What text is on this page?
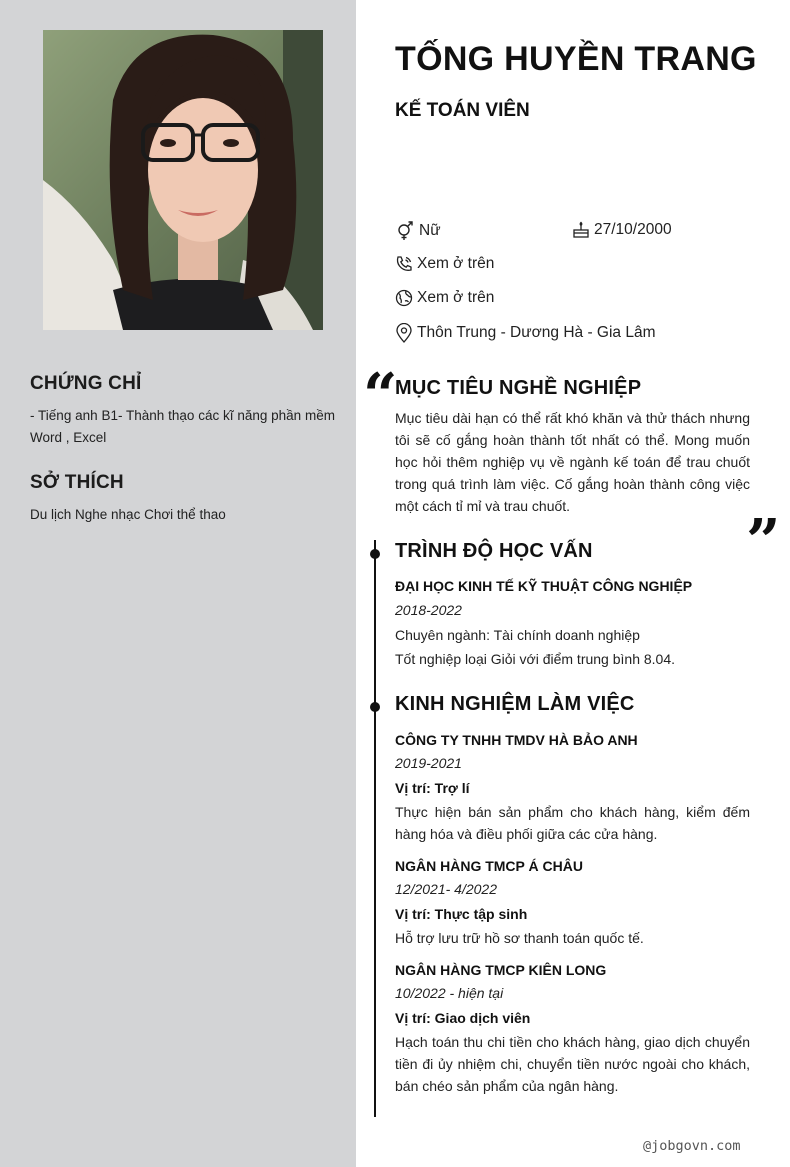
CHỨNG CHỈ

- Tiếng anh B1- Thành thạo các kĩ năng phần mềm Word , Excel

SỞ THÍCH

Du lịch Nghe nhạc Chơi thể thao

TỐNG HUYỀN TRANG
KẾ TOÁN VIÊN
Nữ	27/10/2000
Xem ở trên
Xem ở trên
Thôn Trung - Dương Hà - Gia Lâm
“
MỤC TIÊU NGHỀ NGHIỆP
Mục tiêu dài hạn có thể rất khó khăn và thử thách nhưng tôi sẽ cố gắng hoàn thành tốt nhất có thể. Mong muốn học hỏi thêm nghiệp vụ về ngành kế toán để trau chuốt trong quá trình làm việc. Cố gắng hoàn thành công việc một cách tỉ mỉ và trau chuốt.
”
TRÌNH ĐỘ HỌC VẤN
ĐẠI HỌC KINH TẾ KỸ THUẬT CÔNG NGHIỆP
2018-2022
Chuyên ngành: Tài chính doanh nghiệp
Tốt nghiệp loại Giỏi với điểm trung bình 8.04.
KINH NGHIỆM LÀM VIỆC
CÔNG TY TNHH TMDV HÀ BẢO ANH
2019-2021
Vị trí: Trợ lí
Thực hiện bán sản phẩm cho khách hàng, kiểm đếm hàng hóa và điều phối giữa các cửa hàng.
NGÂN HÀNG TMCP Á CHÂU
12/2021- 4/2022
Vị trí: Thực tập sinh
Hỗ trợ lưu trữ hồ sơ thanh toán quốc tế.
NGÂN HÀNG TMCP KIÊN LONG
10/2022 - hiện tại
Vị trí: Giao dịch viên
Hạch toán thu chi tiền cho khách hàng, giao dịch chuyển tiền đi ủy nhiệm chi, chuyển tiền nước ngoài cho khách, bán chéo sản phẩm của ngân hàng.
@jobgovn.com
